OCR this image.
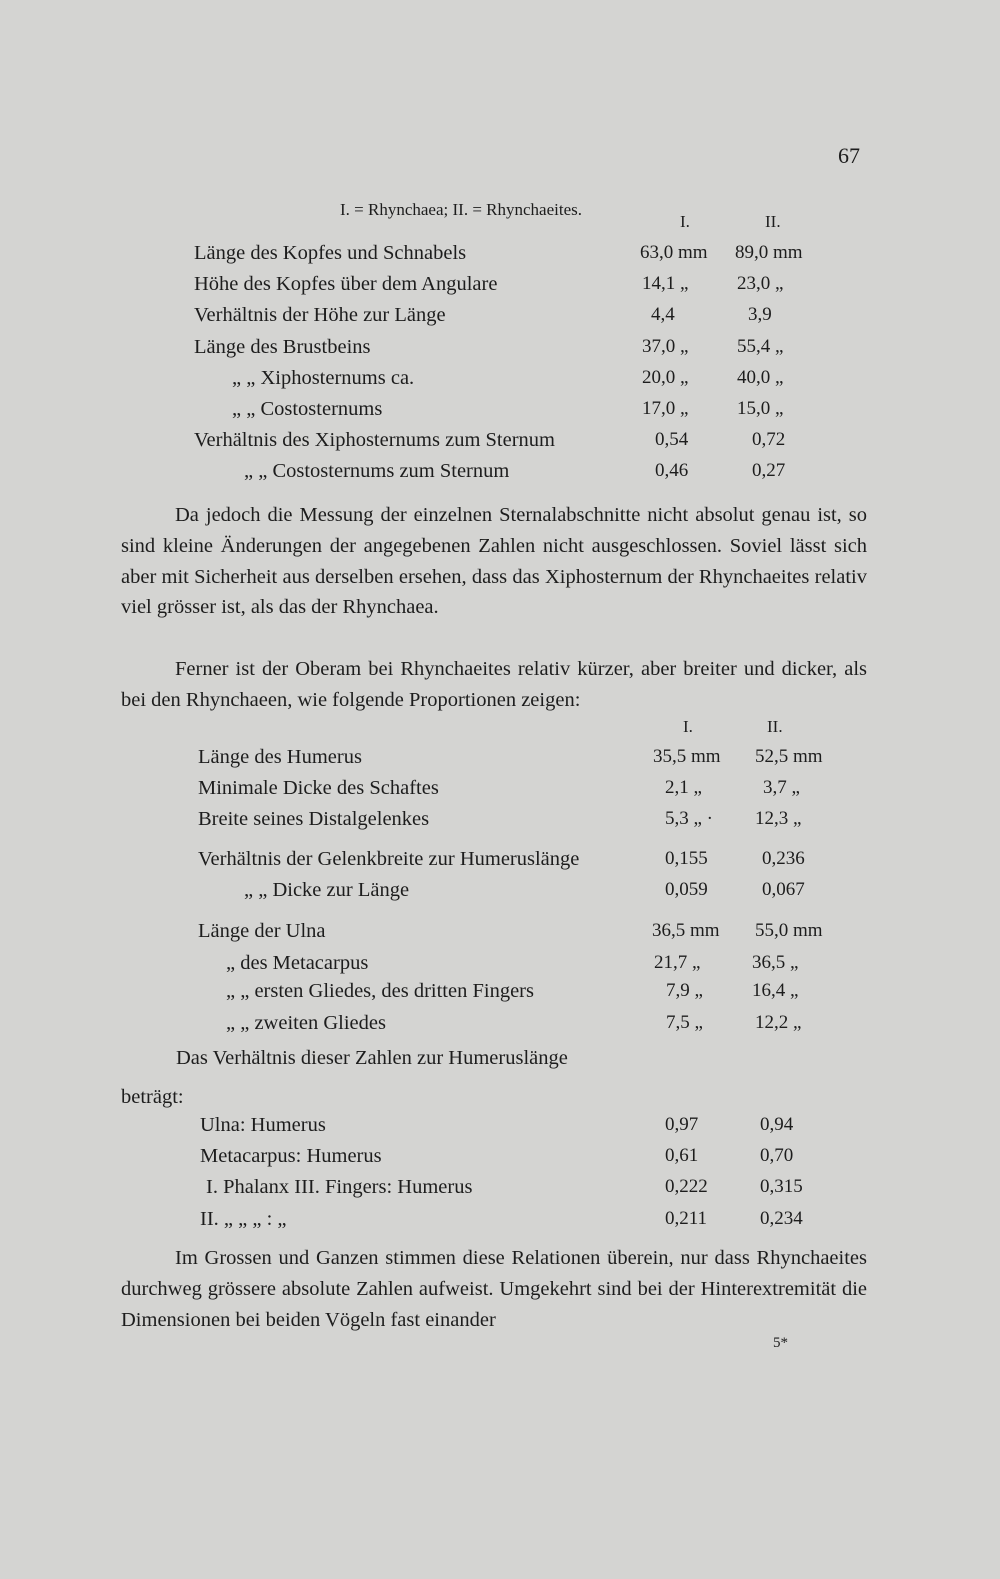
67
I. = Rhynchaea; II. = Rhynchaeites.
I.	II.
Länge des Kopfes und Schnabels	63,0 mm 89,0 mm
Höhe des Kopfes über dem Angulare	14,1 „	23,0 „
Verhältnis der Höhe zur Länge	4,4	3,9
Länge des Brustbeins	37,0 „	55,4 „
„ „ Xiphosternums ca.	20,0 „	40,0 „
„ „ Costosternums	17,0 „	15,0 „
Verhältnis des Xiphosternums zum Sternum	0,54	0,72
„ „ Costosternums zum Sternum	0,46	0,27
Da jedoch die Messung der einzelnen Sternalabschnitte nicht absolut genau ist, so sind kleine Änderungen der angegebenen Zahlen nicht ausgeschlossen. Soviel lässt sich aber mit Sicherheit aus derselben ersehen, dass das Xiphosternum der Rhynchaeites relativ viel grösser ist, als das der Rhynchaea.
Ferner ist der Oberam bei Rhynchaeites relativ kürzer, aber breiter und dicker, als bei den Rhynchaeen, wie folgende Proportionen zeigen:
I.	II.
Länge des Humerus	35,5 mm 52,5 mm
Minimale Dicke des Schaftes	2,1 „	3,7 „
Breite seines Distalgelenkes	5,3 „ · 12,3 „
Verhältnis der Gelenkbreite zur Humeruslänge	0,155	0,236
„ „ Dicke zur Länge	0,059	0,067
Länge der Ulna	36,5 mm 55,0 mm
„ des Metacarpus	21,7 „	36,5 „
„ „ ersten Gliedes, des dritten Fingers	7,9 „	16,4 „
„ „ zweiten Gliedes	7,5 „	12,2 „
Das Verhältnis dieser Zahlen zur Humeruslänge
beträgt:
Ulna: Humerus	0,97	0,94
Metacarpus: Humerus	0,61	0,70
I. Phalanx III. Fingers: Humerus	0,222	0,315
II. „ „ „ : „	0,211	0,234
Im Grossen und Ganzen stimmen diese Relationen überein, nur dass Rhynchaeites durchweg grössere absolute Zahlen aufweist. Umgekehrt sind bei der Hinterextremität die Dimensionen bei beiden Vögeln fast einander
5*
